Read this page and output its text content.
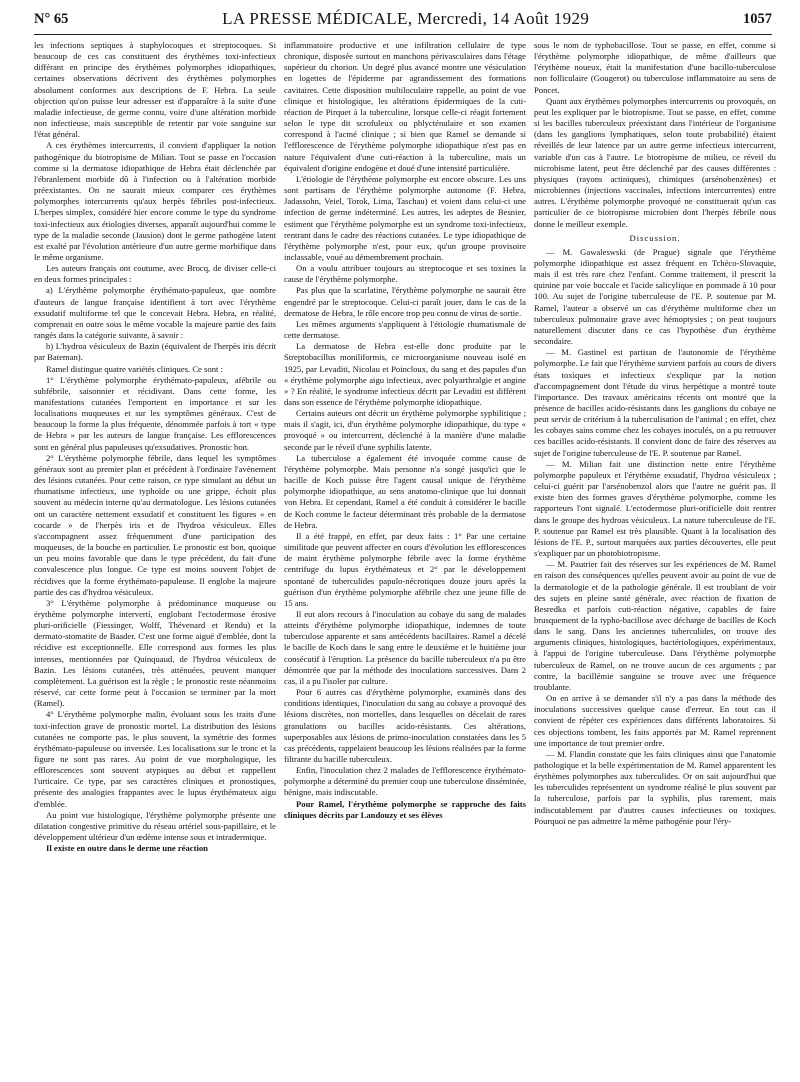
N° 65	LA PRESSE MÉDICALE, Mercredi, 14 Août 1929	1057

les infections septiques à staphylocoques et streptocoques. Si beaucoup de ces cas constituent des érythèmes toxi-infectieux différant en principe des érythèmes polymorphes idiopathiques, certaines observations décrivent des érythèmes polymorphes absolument conformes aux descriptions de F. Hebra. La seule objection qu'on puisse leur adresser est d'apparaître à la suite d'une maladie infectieuse, de germe connu, voire d'une altération morbide non infectieuse, mais susceptible de retentir par voie sanguine sur l'état général.

A ces érythèmes intercurrents, il convient d'appliquer la notion pathogénique du biotropisme de Milian. Tout se passe en l'occasion comme si la dermatose idiopathique de Hebra était déclenchée par l'ébranlement morbide dû à l'infection ou à l'altération morbide préexistantes. On ne saurait mieux comparer ces érythèmes polymorphes intercurrents qu'aux herpès fébriles post-infectieux. L'herpes simplex, considéré hier encore comme le type du syndrome toxi-infectieux aux étiologies diverses, apparaît aujourd'hui comme le type de la maladie seconde (Jausion) dont le germe pathogène latent est exalté par l'évolution antérieure d'un autre germe morbifique dans le même organisme.

Les auteurs français ont coutume, avec Brocq, de diviser celle-ci en deux formes principales :

a) L'érythème polymorphe érythémato-papuleux, que nombre d'auteurs de langue française identifient à tort avec l'érythème exsudatif multiforme tel que le concevait Hebra. Hebra, en réalité, comprenait en outre sous le même vocable la majeure partie des faits rangés dans la catégorie suivante, à savoir :

b) L'hydroa vésiculeux de Bazin (équivalent de l'herpès iris décrit par Bateman).

Ramel distingue quatre variétés cliniques. Ce sont :

1° L'érythème polymorphe érythémato-papuleux, afébrile ou subfébrile, saisonnier et récidivant. Dans cette forme, les manifestations cutanées l'emportent en importance et sur les localisations muqueuses et sur les symptômes généraux. C'est de beaucoup la forme la plus fréquente, dénommée parfois à tort « type de Hebra » par les auteurs de langue française. Les efflorescences sont en général plus papuleuses qu'exsudatives. Pronostic bon.

2° L'érythème polymorphe fébrile, dans lequel les symptômes généraux sont au premier plan et précèdent à l'ordinaire l'avènement des lésions cutanées. Pour cette raison, ce type simulant au début un rhumatisme infectieux, une typhoïde ou une grippe, échoit plus souvent au médecin interne qu'au dermatologue. Les lésions cutanées ont un caractère nettement exsudatif et constituent les figures « en cocarde » de l'herpès iris et de l'hydroa vésiculeux. Elles s'accompagnent assez fréquemment d'une participation des muqueuses, de la bouche en particulier. Le pronostic est bon, quoique un peu moins favorable que dans le type précédent, du fait d'une convalescence plus longue. Ce type est moins souvent l'objet de récidives que la forme érythémato-papuleuse. Il englobe la majeure partie des cas d'hydroa vésiculeux.

3° L'érythème polymorphe à prédominance muqueuse ou érythème polymorphe intervertí, englobant l'ectodermose érosive pluri-orificielle (Fiessinger, Wolff, Thévenard et Rendu) et la dermato-stomatite de Baader. C'est une forme aiguë d'emblée, dont la récidive est exceptionnelle. Elle correspond aux formes les plus intenses, mentionnées par Quinquaud, de l'hydroa vésiculeux de Bazin. Les lésions cutanées, très atténuées, peuvent manquer complètement. La guérison est la règle ; le pronostic reste néanmoins réservé, car cette forme peut à l'occasion se terminer par la mort (Ramel).

4° L'érythème polymorphe malin, évoluant sous les traits d'une toxi-infection grave de pronostic mortel. La distribution des lésions cutanées ne comporte pas, le plus souvent, la symétrie des formes érythémato-papuleuse ou inversée. Les localisations sur le tronc et la figure ne sont pas rares. Au point de vue morphologique, les efflorescences sont souvent atypiques au début et rappellent l'urticaire. Ce type, par ses caractères cliniques et pronostiques, présente des analogies frappantes avec le lupus érythémateux aigu d'emblée.

Au point vue histologique, l'érythème polymorphe présente une dilatation congestive primitive du réseau artériel sous-papillaire, et le développement ultérieur d'un œdème intense sous et intradermique.

Il existe en outre dans le derme une réaction

inflammatoire productive et une infiltration cellulaire de type chronique, disposée surtout en manchons périvasculaires dans l'étage supérieur du chorion. Un degré plus avancé montre une vésiculation en logettes de l'épiderme par agrandissement des formations cavitaires. Cette disposition multiloculaire rappelle, au point de vue clinique et histologique, les altérations épidermiques de la cuti-réaction de Pirquet à la tuberculine, lorsque celle-ci réagit fortement selon le type dit scrofuleux ou phlycténulaire et son examen correspond à l'acmé clinique ; si bien que Ramel se demande si l'efflorescence de l'érythème polymorphe idiopathique n'est pas en nature l'équivalent d'une cuti-réaction à la tuberculine, mais un équivalent d'origine endogène et doué d'une intensité particulière.

L'étiologie de l'érythème polymorphe est encore obscure. Les uns sont partisans de l'érythème polymorphe autonome (F. Hebra, Jadassohn, Veiel, Torok, Lima, Taschau) et voient dans celui-ci une infection de germe indéterminé. Les autres, les adeptes de Besnier, estiment que l'érythème polymorphe est un syndrome toxi-infectieux, rentrant dans le cadre des réactions cutanées. Le type idiopathique de l'érythème polymorphe n'est, pour eux, qu'un groupe provisoire inclassable, voué au démembrement prochain.

On a voulu attribuer toujours au streptocoque et ses toxines la cause de l'érythème polymorphe.

Pas plus que la scarlatine, l'érythème polymorphe ne saurait être engendré par le streptocoque. Celui-ci paraît jouer, dans le cas de la dermatose de Hebra, le rôle encore trop peu connu de virus de sortie.

Les mêmes arguments s'appliquent à l'étiologie rhumatismale de cette dermatose.

La dermatose de Hebra est-elle donc produite par le Streptobacillus moniliformis, ce microorganisme nouveau isolé en 1925, par Levaditi, Nicolau et Poincloux, du sang et des papules d'un « érythème polymorphe aigu infectieux, avec polyarthralgie et angine » ? En réalité, le syndrome infectieux décrit par Levaditi est différent dans son essence de l'érythème polymorphe idiopathique.

Certains auteurs ont décrit un érythème polymorphe syphilitique ; mais il s'agit, ici, d'un érythème polymorphe idiopathique, du type « provoqué » ou intercurrent, déclenché à la manière d'une maladie seconde par le réveil d'une syphilis latente.

La tuberculose a également été invoquée comme cause de l'érythème polymorphe. Mais personne n'a songé jusqu'ici que le bacille de Koch puisse être l'agent causal unique de l'érythème polymorphe idiopathique, au sens anatomo-clinique que lui donnait von Hebra. Et cependant, Ramel a été conduit à considérer le bacille de Koch comme le facteur déterminant très probable de la dermatose de Hebra.

Il a été frappé, en effet, par deux faits : 1° Par une certaine similitude que peuvent affecter en cours d'évolution les efflorescences de maint érythème polymorphe fébrile avec la forme érythème centrifuge du lupus érythémateux et 2° par le développement spontané de tuberculides papulo-nécrotiques douze jours après la guérison d'un érythème polymorphe afébrile chez une jeune fille de 15 ans.

Il eut alors recours à l'inoculation au cobaye du sang de malades atteints d'érythème polymorphe idiopathique, indemnes de toute tuberculose apparente et sans antécédents bacillaires. Ramel a décelé le bacille de Koch dans le sang entre le deuxième et le huitième jour consécutif à l'éruption. La présence du bacille tuberculeux n'a pu être démontrée que par la méthode des inoculations successives. Dans 2 cas, il a pu l'isoler par culture.

Pour 6 autres cas d'érythème polymorphe, examinés dans des conditions identiques, l'inoculation du sang au cobaye a provoqué des lésions discrètes, non mortelles, dans lesquelles on décelait de rares granulations ou bacilles acido-résistants. Ces altérations, superposables aux lésions de primo-inoculation constatées dans les 5 cas précédents, rappelaient beaucoup les lésions réalisées par la forme filtrante du bacille tuberculeux.

Enfin, l'inoculation chez 2 malades de l'efflorescence érythémato-polymorphe a déterminé du premier coup une tuberculose disséminée, bénigne, mais indiscutable.

Pour Ramel, l'érythème polymorphe se rapproche des faits cliniques décrits par Landouzy et ses élèves

sous le nom de typhobacillose. Tout se passe, en effet, comme si l'érythème polymorphe idiopathique, de même d'ailleurs que l'érythème noueux, était la manifestation d'une bacillo-tuberculose non folliculaire (Gougerot) ou tuberculose inflammatoire au sens de Poncet.

Quant aux érythèmes polymorphes intercurrents ou provoqués, on peut les expliquer par le biotropisme. Tout se passe, en effet, comme si les bacilles tuberculeux préexistant dans l'intérieur de l'organisme (dans les ganglions lymphatiques, selon toute probabilité) étaient réveillés de leur latence par un autre germe infectieux intercurrent, variable d'un cas à l'autre. Le biotropisme de milieu, ce réveil du microbisme latent, peut être déclenché par des causes différentes : physiques (rayons actiniques), chimiques (arsénobenzènes) et microbiennes (injections vaccinales, infections intercurrentes) entre autres. L'érythème polymorphe provoqué ne constituerait qu'un cas particulier de ce biotropisme microbien dont l'herpès fébrile nous donne le meilleur exemple.

Discussion.

— M. Gawaleswski (de Prague) signale que l'érythème polymorphe idiopathique est assez fréquent en Tchéco-Slovaquie, mais il est très rare chez l'enfant. Comme traitement, il prescrit la quinine par voie buccale et l'acide salicylique en pommade à 10 pour 100. Au sujet de l'origine tuberculeuse de l'E. P. soutenue par M. Ramel, l'auteur a observé un cas d'érythème multiforme chez un tuberculeux pulmonaire grave avec hémoptysies ; on peut toujours naturellement discuter dans ce cas l'hypothèse d'un érythème secondaire.

— M. Gastinel est partisan de l'autonomie de l'érythème polymorphe. Le fait que l'érythème survient parfois au cours de divers états toxiques et infectieux s'explique par la notion d'accompagnement dont l'étude du virus herpétique a montré toute l'importance. Des travaux américains récents ont montré que la présence de bacilles acido-résistants dans les ganglions du cobaye ne peut servir de critérium à la tuberculisation de l'animal ; en effet, chez les cobayes sains comme chez les cobayes inoculés, on a pu retrouver ces bacilles acido-résistants. Il convient donc de faire des réserves au sujet de l'origine tuberculeuse de l'E. P. soutenue par Ramel.

— M. Milian fait une distinction nette entre l'érythème polymorphe papuleux et l'érythème exsudatif, l'hydroa vésiculeux ; celui-ci guérit par l'arsénobenzol alors que l'autre ne guérit pas. Il existe bien des formes graves d'érythème polymorphe, comme les rapporteurs l'ont signalé. L'ectodermose pluri-orificielle doit rentrer dans le groupe des hydroas vésiculeux. La nature tuberculeuse de l'E. P. soutenue par Ramel est très plausible. Quant à la localisation des lésions de l'E. P., surtout marquées aux parties découvertes, elle peut s'expliquer par un photobiotropisme.

— M. Pautrier fait des réserves sur les expériences de M. Ramel en raison des conséquences qu'elles peuvent avoir au point de vue de la dermatologie et de la pathologie générale. Il est troublant de voir des sujets en pleine santé générale, avec réaction de fixation de Besredka et parfois cuti-réaction négative, capables de faire brusquement de la typho-bacillose avec décharge de bacilles de Koch dans le sang. Dans les anciennes tuberculides, on trouve des arguments cliniques, histologiques, bactériologiques, expérimentaux, à l'appui de l'origine tuberculeuse. Dans l'érythème polymorphe tuberculeux de Ramel, on ne trouve aucun de ces arguments ; par contre, la bacillémie sanguine se trouve avec une fréquence troublante.

On en arrive à se demander s'il n'y a pas dans la méthode des inoculations successives quelque cause d'erreur. En tout cas il convient de répéter ces expériences dans différents laboratoires. Si ces objections tombent, les faits apportés par M. Ramel reprennent une importance de tout premier ordre.

— M. Flandin constate que les faits cliniques ainsi que l'anatomie pathologique et la belle expérimentation de M. Ramel apparentent les érythèmes polymorphes aux tuberculides. Or on sait aujourd'hui que les tuberculides représentent un syndrome réalisé le plus souvent par la tuberculose, parfois par la syphilis, plus rarement, mais indiscutablement par d'autres causes infectieuses ou toxiques. Pourquoi ne pas admettre la même pathogénie pour l'éry-
